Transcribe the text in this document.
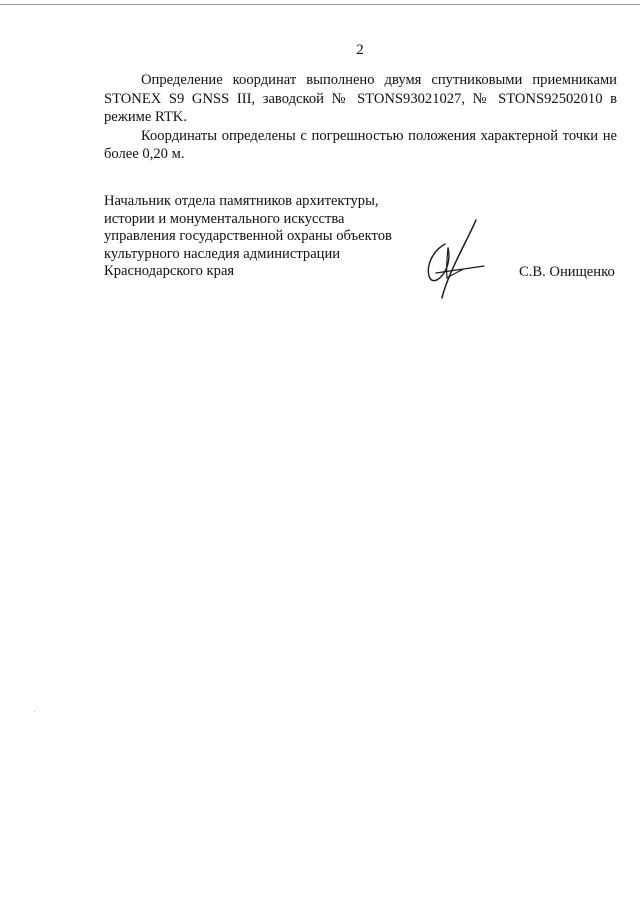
2

Определение координат выполнено двумя спутниковыми приемниками STONEX S9 GNSS III, заводской № STONS93021027, № STONS92502010 в режиме RTK.

Координаты определены с погрешностью положения характерной точки не более 0,20 м.

Начальник отдела памятников архитектуры,
истории и монументального искусства
управления государственной охраны объектов
культурного наследия администрации
Краснодарского края	С.В. Онищенко
